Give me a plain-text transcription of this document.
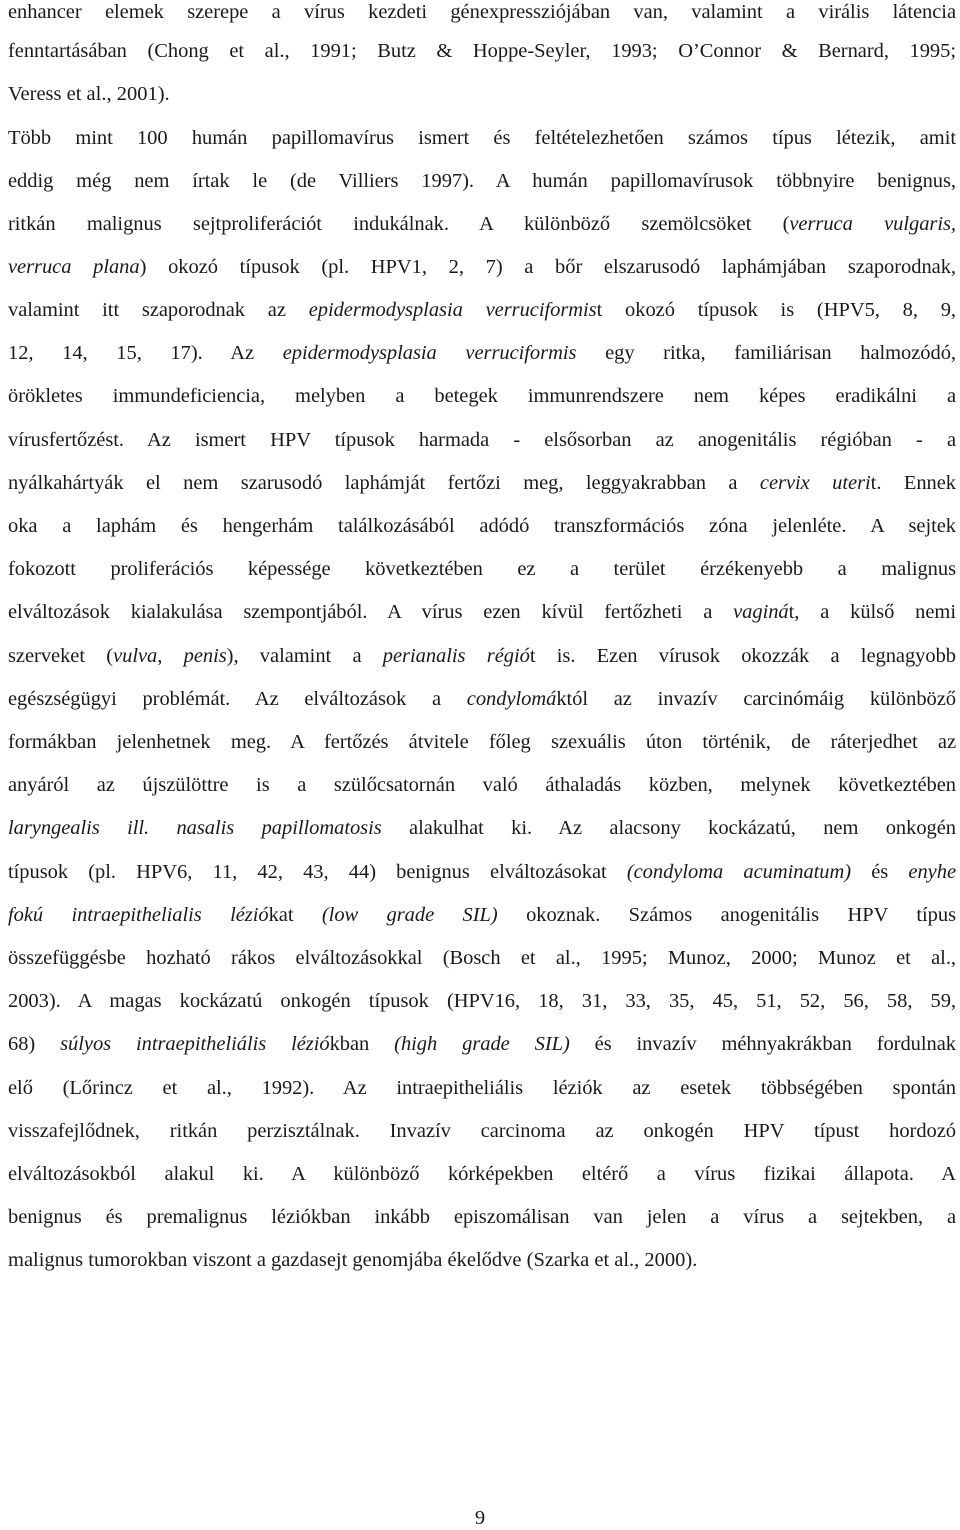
enhancer elemek szerepe a vírus kezdeti génexpressziójában van, valamint a virális látencia
fenntartásában (Chong et al., 1991; Butz & Hoppe-Seyler, 1993; O’Connor & Bernard, 1995;
Veress et al., 2001).
Több mint 100 humán papillomavírus ismert és feltételezhetően számos típus létezik, amit
eddig még nem írtak le (de Villiers 1997). A humán papillomavírusok többnyire benignus,
ritkán malignus sejtproliferációt indukálnak. A különböző szemölcsöket (verruca vulgaris,
verruca plana) okozó típusok (pl. HPV1, 2, 7) a bőr elszarusodó laphámjában szaporodnak,
valamint itt szaporodnak az epidermodysplasia verruciformist okozó típusok is (HPV5, 8, 9,
12, 14, 15, 17). Az epidermodysplasia verruciformis egy ritka, familiárisan halmozódó,
örökletes immundeficiencia, melyben a betegek immunrendszere nem képes eradikálni a
vírusfertőzést. Az ismert HPV típusok harmada - elsősorban az anogenitális régióban - a
nyálkahártyák el nem szarusodó laphámját fertőzi meg, leggyakrabban a cervix uterit. Ennek
oka a laphám és hengerhám találkozásából adódó transzformációs zóna jelenléte. A sejtek
fokozott proliferációs képessége következtében ez a terület érzékenyebb a malignus
elváltozások kialakulása szempontjából. A vírus ezen kívül fertőzheti a vaginát, a külső nemi
szerveket (vulva, penis), valamint a perianalis régiót is. Ezen vírusok okozzák a legnagyobb
egészségügyi problémát. Az elváltozások a condylomáktól az invazív carcinómáig különböző
formákban jelenhetnek meg. A fertőzés átvitele főleg szexuális úton történik, de ráterjedhet az
anyáról az újszülöttre is a szülőcsatornán való áthaladás közben, melynek következtében
laryngealis ill. nasalis papillomatosis alakulhat ki. Az alacsony kockázatú, nem onkogén
típusok (pl. HPV6, 11, 42, 43, 44) benignus elváltozásokat (condyloma acuminatum) és enyhe
fokú intraepithelialis léziókat (low grade SIL) okoznak. Számos anogenitális HPV típus
összefüggésbe hozható rákos elváltozásokkal (Bosch et al., 1995; Munoz, 2000; Munoz et al.,
2003). A magas kockázatú onkogén típusok (HPV16, 18, 31, 33, 35, 45, 51, 52, 56, 58, 59,
68) súlyos intraepitheliális léziókban (high grade SIL) és invazív méhnyakrákban fordulnak
elő (Lőrincz et al., 1992). Az intraepitheliális léziók az esetek többségében spontán
visszafejlődnek, ritkán perzisztálnak. Invazív carcinoma az onkogén HPV típust hordozó
elváltozásokból alakul ki. A különböző kórképekben eltérő a vírus fizikai állapota. A
benignus és premalignus léziókban inkább episzomálisan van jelen a vírus a sejtekben, a
malignus tumorokban viszont a gazdasejt genomjába ékelődve (Szarka et al., 2000).
9
